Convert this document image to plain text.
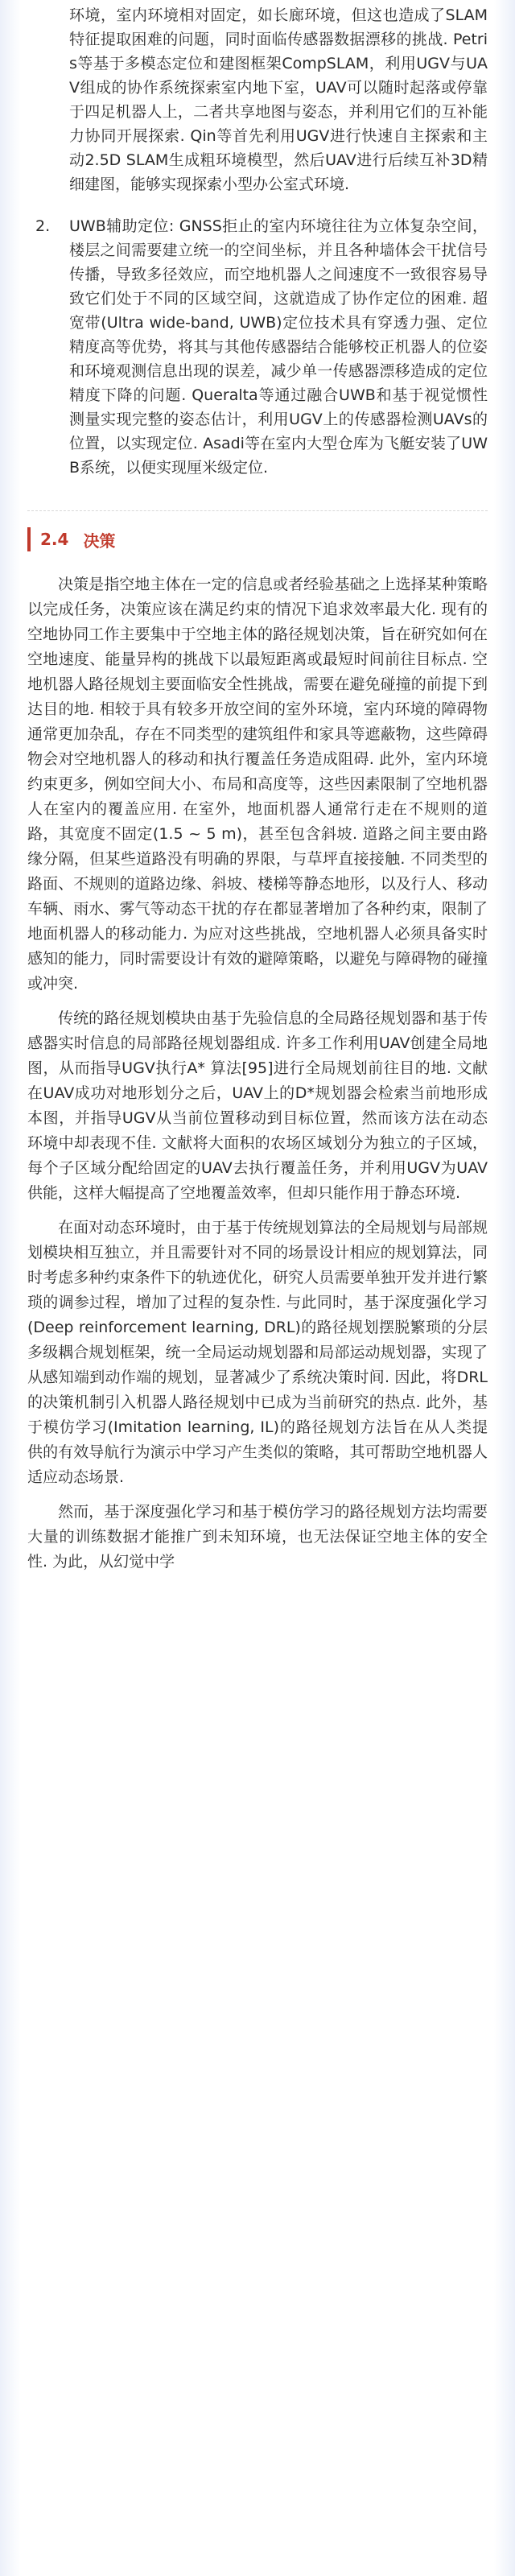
环境，室内环境相对固定，如长廊环境，但这也造成了SLAM特征提取困难的问题，同时面临传感器数据漂移的挑战. Petris等基于多模态定位和建图框架CompSLAM，利用UGV与UAV组成的协作系统探索室内地下室，UAV可以随时起落或停靠于四足机器人上，二者共享地图与姿态，并利用它们的互补能力协同开展探索. Qin等首先利用UGV进行快速自主探索和主动2.5D SLAM生成粗环境模型，然后UAV进行后续互补3D精细建图，能够实现探索小型办公室式环境.
2.	UWB辅助定位: GNSS拒止的室内环境往往为立体复杂空间，楼层之间需要建立统一的空间坐标，并且各种墙体会干扰信号传播，导致多径效应，而空地机器人之间速度不一致很容易导致它们处于不同的区域空间，这就造成了协作定位的困难. 超宽带(Ultra wide-band, UWB)定位技术具有穿透力强、定位精度高等优势，将其与其他传感器结合能够校正机器人的位姿和环境观测信息出现的误差，减少单一传感器漂移造成的定位精度下降的问题. Queralta等通过融合UWB和基于视觉惯性测量实现完整的姿态估计，利用UGV上的传感器检测UAVs的位置，以实现定位. Asadi等在室内大型仓库为飞艇安装了UWB系统，以便实现厘米级定位.
2.4 决策

决策是指空地主体在一定的信息或者经验基础之上选择某种策略以完成任务，决策应该在满足约束的情况下追求效率最大化. 现有的空地协同工作主要集中于空地主体的路径规划决策，旨在研究如何在空地速度、能量异构的挑战下以最短距离或最短时间前往目标点. 空地机器人路径规划主要面临安全性挑战，需要在避免碰撞的前提下到达目的地. 相较于具有较多开放空间的室外环境，室内环境的障碍物通常更加杂乱，存在不同类型的建筑组件和家具等遮蔽物，这些障碍物会对空地机器人的移动和执行覆盖任务造成阻碍. 此外，室内环境约束更多，例如空间大小、布局和高度等，这些因素限制了空地机器人在室内的覆盖应用. 在室外，地面机器人通常行走在不规则的道路，其宽度不固定(1.5 ~ 5 m)，甚至包含斜坡. 道路之间主要由路缘分隔，但某些道路没有明确的界限，与草坪直接接触. 不同类型的路面、不规则的道路边缘、斜坡、楼梯等静态地形，以及行人、移动车辆、雨水、雾气等动态干扰的存在都显著增加了各种约束，限制了地面机器人的移动能力. 为应对这些挑战，空地机器人必须具备实时感知的能力，同时需要设计有效的避障策略，以避免与障碍物的碰撞或冲突.

传统的路径规划模块由基于先验信息的全局路径规划器和基于传感器实时信息的局部路径规划器组成. 许多工作利用UAV创建全局地图，从而指导UGV执行A* 算法[95]进行全局规划前往目的地. 文献在UAV成功对地形划分之后，UAV上的D*规划器会检索当前地形成本图，并指导UGV从当前位置移动到目标位置，然而该方法在动态环境中却表现不佳. 文献将大面积的农场区域划分为独立的子区域，每个子区域分配给固定的UAV去执行覆盖任务，并利用UGV为UAV供能，这样大幅提高了空地覆盖效率，但却只能作用于静态环境.

在面对动态环境时，由于基于传统规划算法的全局规划与局部规划模块相互独立，并且需要针对不同的场景设计相应的规划算法，同时考虑多种约束条件下的轨迹优化，研究人员需要单独开发并进行繁琐的调参过程，增加了过程的复杂性. 与此同时，基于深度强化学习(Deep reinforcement learning, DRL)的路径规划摆脱繁琐的分层多级耦合规划框架，统一全局运动规划器和局部运动规划器，实现了从感知端到动作端的规划，显著减少了系统决策时间. 因此，将DRL的决策机制引入机器人路径规划中已成为当前研究的热点. 此外，基于模仿学习(Imitation learning, IL)的路径规划方法旨在从人类提供的有效导航行为演示中学习产生类似的策略，其可帮助空地机器人适应动态场景.

然而，基于深度强化学习和基于模仿学习的路径规划方法均需要大量的训练数据才能推广到未知环境，也无法保证空地主体的安全性. 为此，从幻觉中学
